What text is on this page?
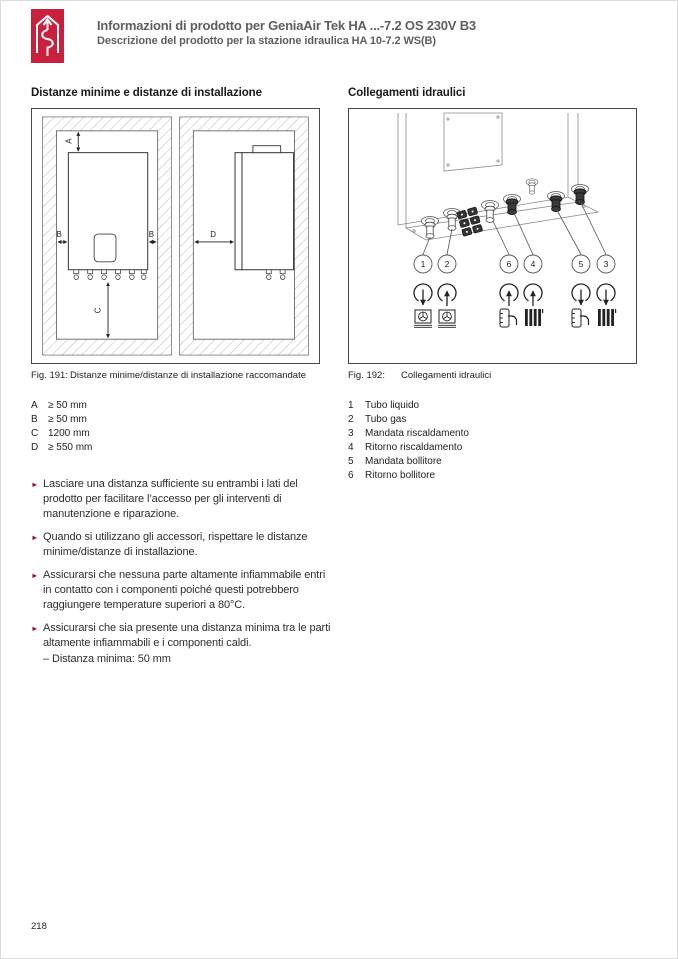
Informazioni di prodotto per GeniaAir Tek HA ...-7.2 OS 230V B3
Descrizione del prodotto per la stazione idraulica HA 10-7.2 WS(B)
Distanze minime e distanze di installazione
A
B	B
C
D
Fig. 191: Distanze minime/distanze di installazione raccomandate
A	≥ 50 mm
B	≥ 50 mm
C 1200 mm
D ≥ 550 mm
► Lasciare una distanza sufficiente su entrambi i lati del prodotto per facilitare l’accesso per gli interventi di manutenzione e riparazione.
► Quando si utilizzano gli accessori, rispettare le distanze minime/distanze di installazione.
► Assicurarsi che nessuna parte altamente infiammabile entri in contatto con i componenti poiché questi potrebbero raggiungere temperature superiori a 80°C.
► Assicurarsi che sia presente una distanza minima tra le parti altamente infiammabili e i componenti caldi.
– Distanza minima: 50 mm
Collegamenti idraulici
1 2	6 4	5 3
Fig. 192: Collegamenti idraulici
1	Tubo liquido
2	Tubo gas
3	Mandata riscaldamento
4	Ritorno riscaldamento
5	Mandata bollitore
6	Ritorno bollitore
218
